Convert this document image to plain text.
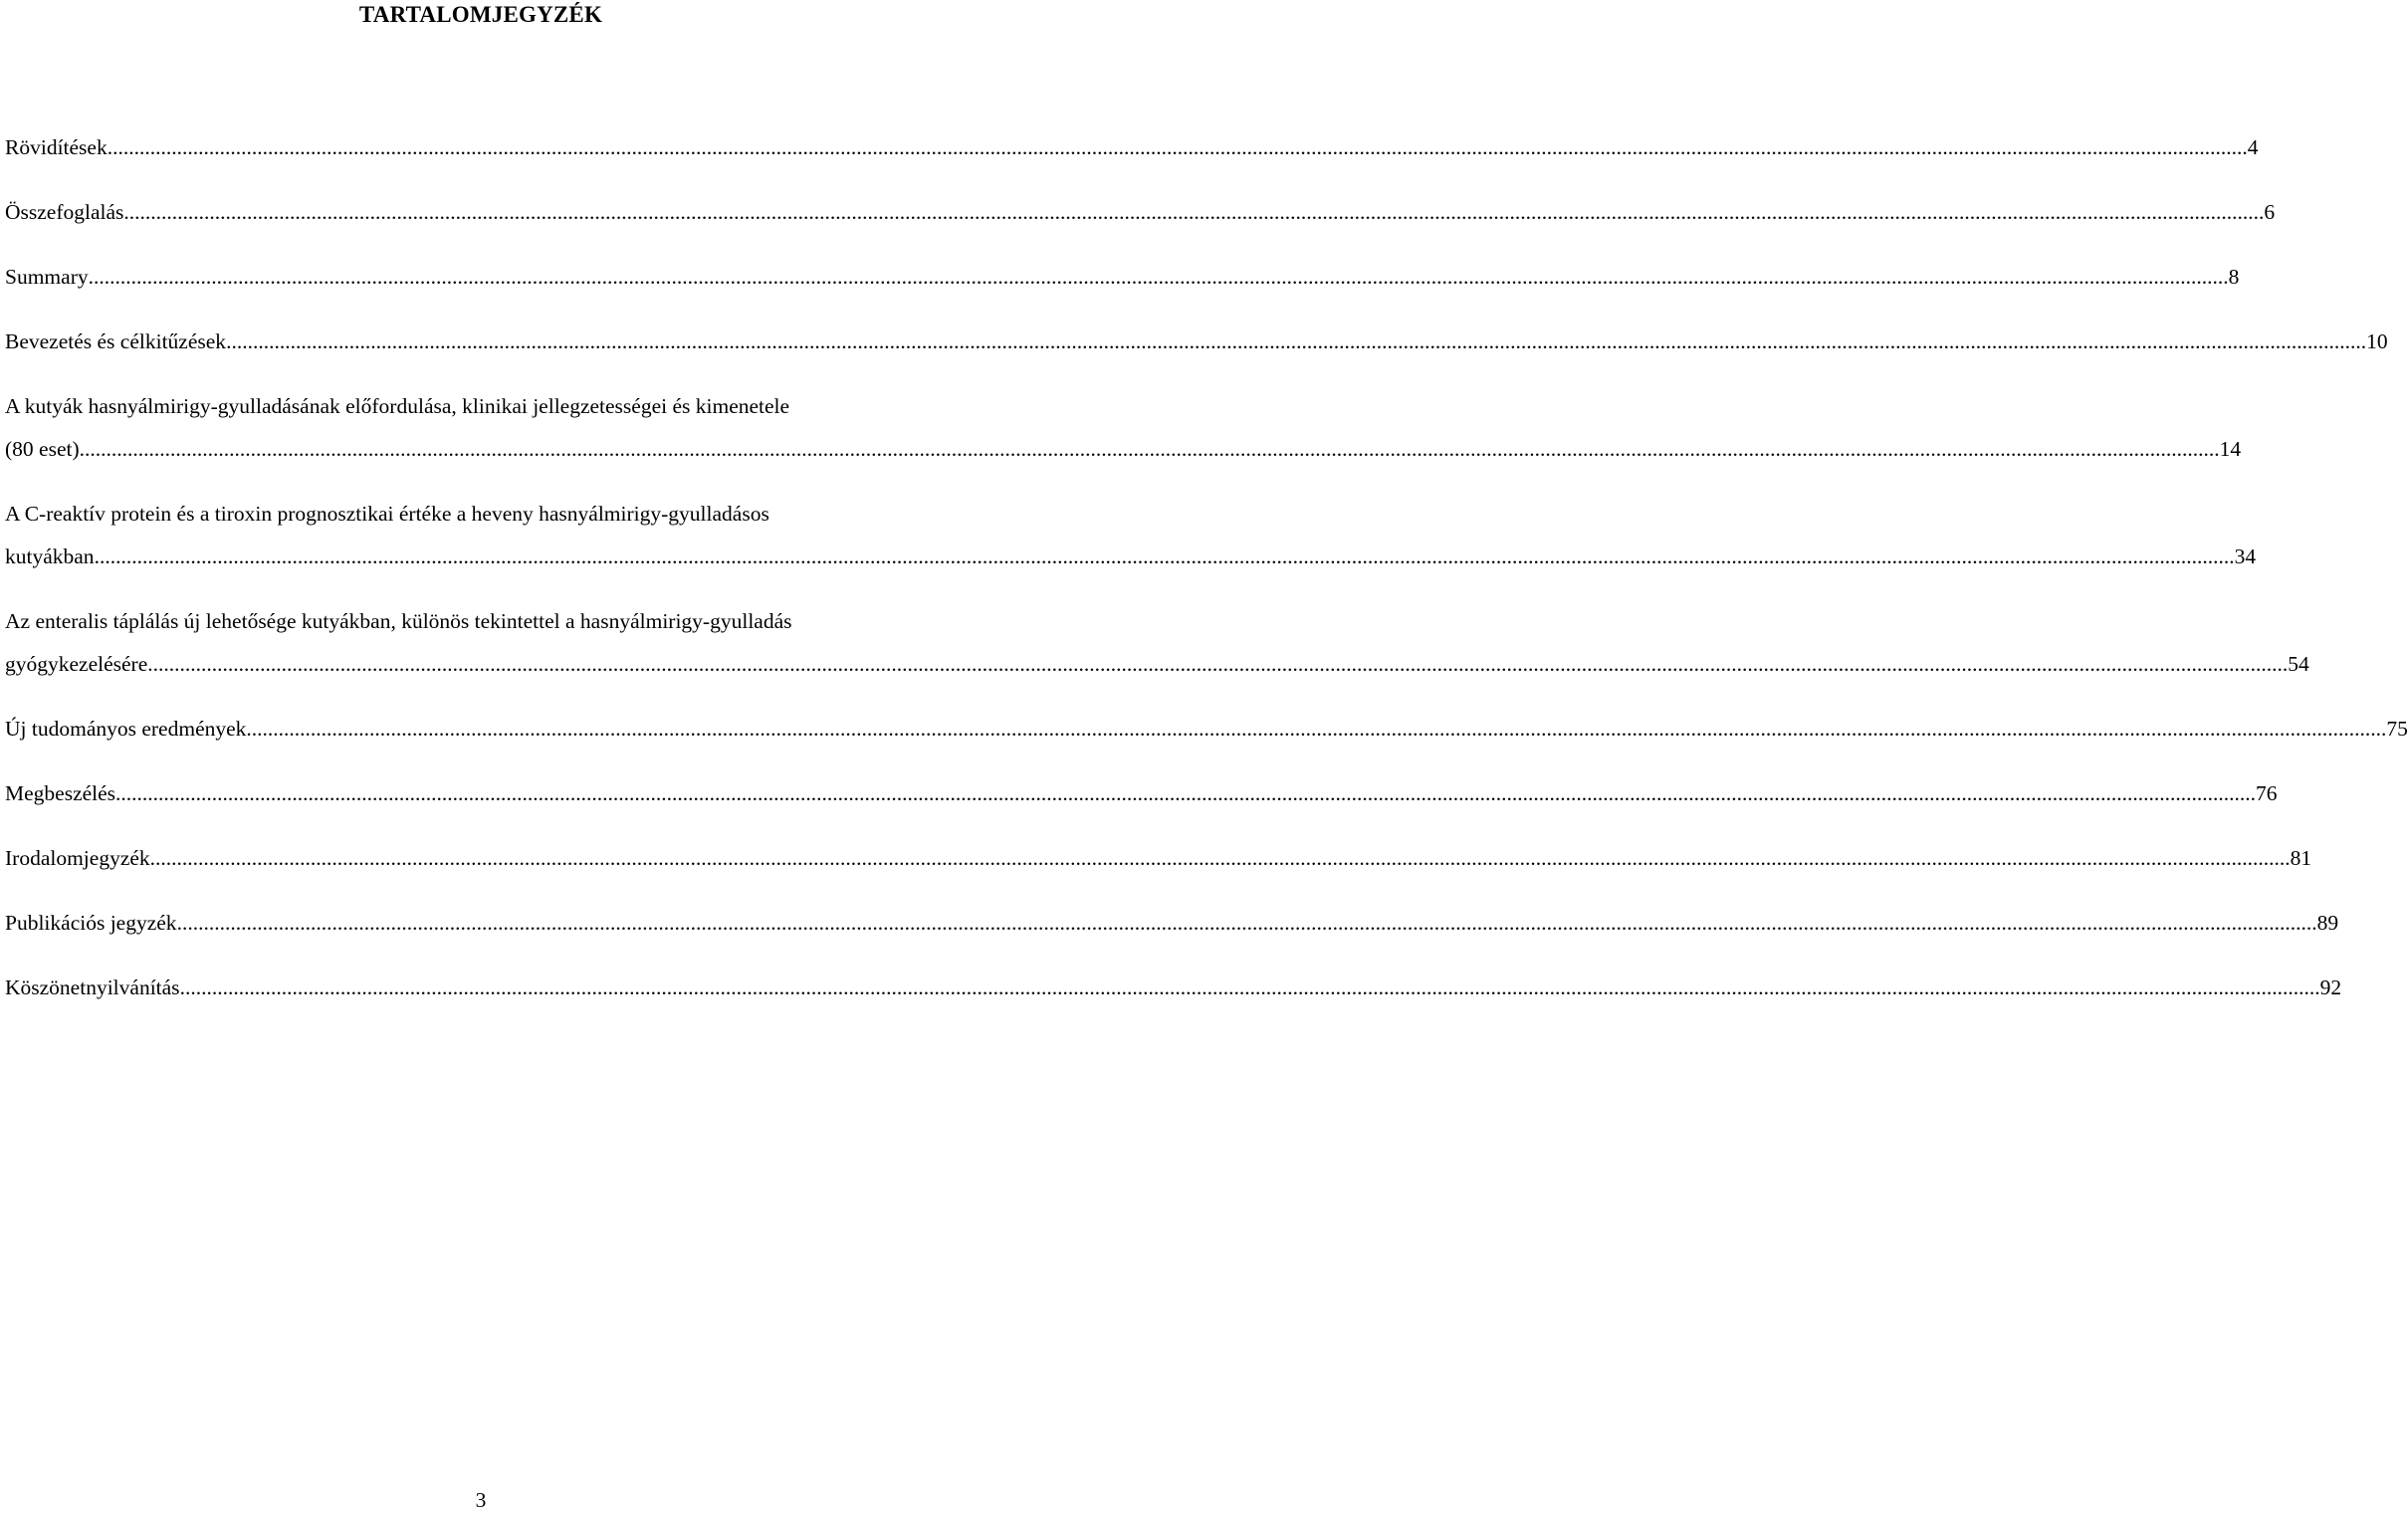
TARTALOMJEGYZÉK
Rövidítések ................................................................................................................................................................................................................................................................................................................................................................................................................ 4
Összefoglalás ................................................................................................................................................................................................................................................................................................................................................................................................................ 6
Summary ................................................................................................................................................................................................................................................................................................................................................................................................................ 8
Bevezetés és célkitűzések ................................................................................................................................................................................................................................................................................................................................................................................................................ 10
A kutyák hasnyálmirigy-gyulladásának előfordulása, klinikai jellegzetességei és kimenetele
(80 eset) ................................................................................................................................................................................................................................................................................................................................................................................................................ 14
A C-reaktív protein és a tiroxin prognosztikai értéke a heveny hasnyálmirigy-gyulladásos
kutyákban ................................................................................................................................................................................................................................................................................................................................................................................................................ 34
Az enteralis táplálás új lehetősége kutyákban, különös tekintettel a hasnyálmirigy-gyulladás
gyógykezelésére ................................................................................................................................................................................................................................................................................................................................................................................................................ 54
Új tudományos eredmények ................................................................................................................................................................................................................................................................................................................................................................................................................ 75
Megbeszélés ................................................................................................................................................................................................................................................................................................................................................................................................................ 76
Irodalomjegyzék ................................................................................................................................................................................................................................................................................................................................................................................................................ 81
Publikációs jegyzék ................................................................................................................................................................................................................................................................................................................................................................................................................ 89
Köszönetnyilvánítás ................................................................................................................................................................................................................................................................................................................................................................................................................ 92
3
